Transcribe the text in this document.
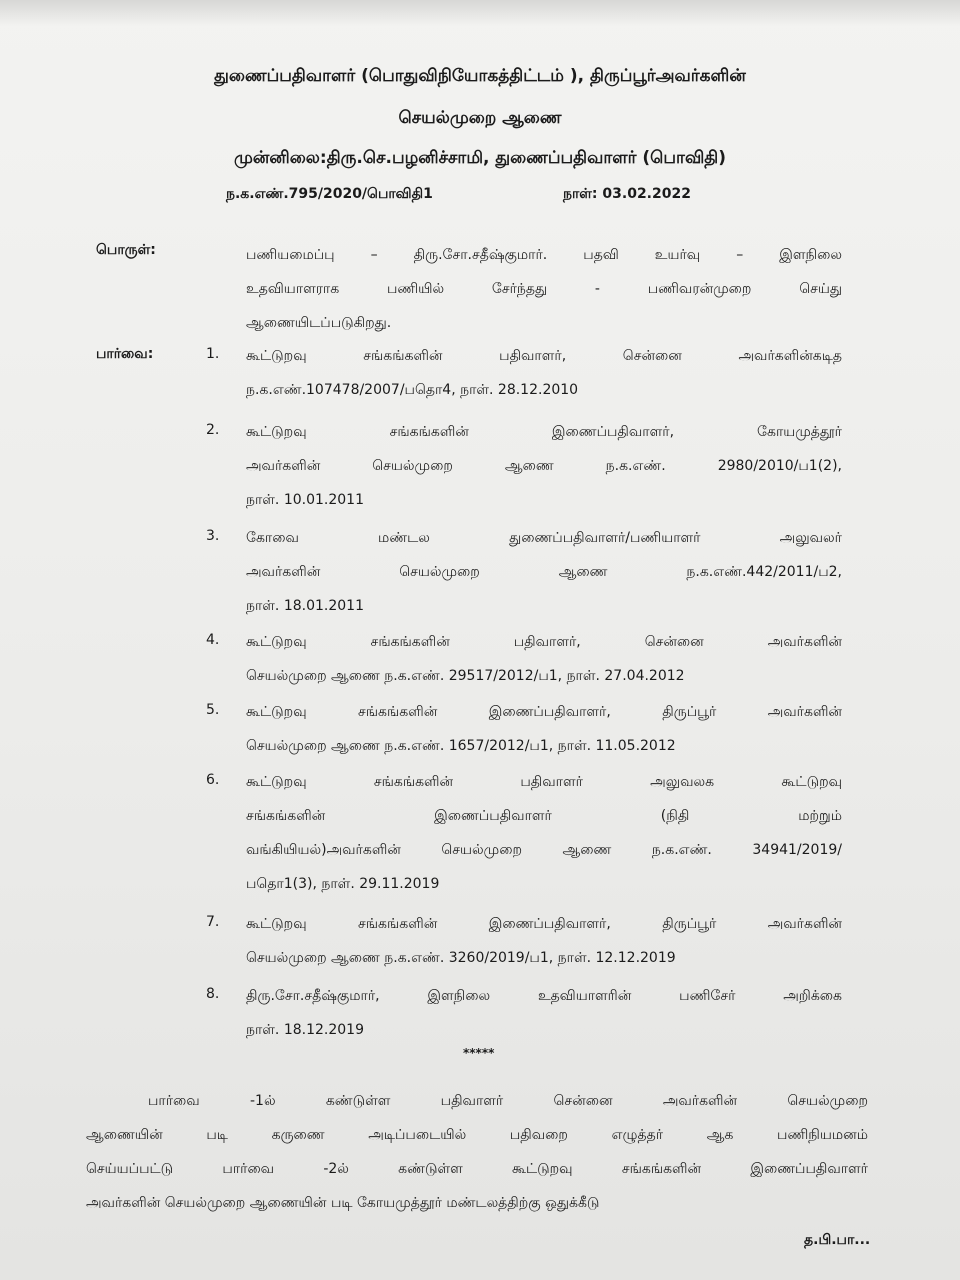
துணைப்பதிவாளர் (பொதுவிநியோகத்திட்டம் ), திருப்பூர்அவர்களின்
செயல்முறை ஆணை
முன்னிலை:திரு.செ.பழனிச்சாமி, துணைப்பதிவாளர் (பொவிதி)
ந.க.எண்.795/2020/பொவிதி1	நாள்: 03.02.2022
பொருள்:	பணியமைப்பு – திரு.சோ.சதீஷ்குமார். பதவி உயர்வு – இளநிலை
உதவியாளராக பணியில் சேர்ந்தது - பணிவரன்முறை செய்து
ஆணையிடப்படுகிறது.
பார்வை:	1. கூட்டுறவு சங்கங்களின் பதிவாளர், சென்னை அவர்களின்கடித
ந.க.எண்.107478/2007/பதொ4, நாள். 28.12.2010
2. கூட்டுறவு சங்கங்களின் இணைப்பதிவாளர், கோயமுத்தூர்
அவர்களின் செயல்முறை ஆணை ந.க.எண். 2980/2010/ப1(2),
நாள். 10.01.2011
3. கோவை மண்டல துணைப்பதிவாளர்/பணியாளர் அலுவலர்
அவர்களின் செயல்முறை ஆணை ந.க.எண்.442/2011/ப2,
நாள். 18.01.2011
4. கூட்டுறவு சங்கங்களின் பதிவாளர், சென்னை அவர்களின்
செயல்முறை ஆணை ந.க.எண். 29517/2012/ப1, நாள். 27.04.2012
5. கூட்டுறவு சங்கங்களின் இணைப்பதிவாளர், திருப்பூர் அவர்களின்
செயல்முறை ஆணை ந.க.எண். 1657/2012/ப1, நாள். 11.05.2012
6. கூட்டுறவு சங்கங்களின் பதிவாளர் அலுவலக கூட்டுறவு
சங்கங்களின் இணைப்பதிவாளர் (நிதி மற்றும்
வங்கியியல்)அவர்களின் செயல்முறை ஆணை ந.க.எண். 34941/2019/
பதொ1(3), நாள். 29.11.2019
7. கூட்டுறவு சங்கங்களின் இணைப்பதிவாளர், திருப்பூர் அவர்களின்
செயல்முறை ஆணை ந.க.எண். 3260/2019/ப1, நாள். 12.12.2019
8. திரு.சோ.சதீஷ்குமார், இளநிலை உதவியாளரின் பணிசேர் அறிக்கை
நாள். 18.12.2019
*****
பார்வை -1ல் கண்டுள்ள பதிவாளர் சென்னை அவர்களின் செயல்முறை
ஆணையின் படி கருணை அடிப்படையில் பதிவறை எழுத்தர் ஆக பணிநியமனம்
செய்யப்பட்டு பார்வை -2ல் கண்டுள்ள கூட்டுறவு சங்கங்களின் இணைப்பதிவாளர்
அவர்களின் செயல்முறை ஆணையின் படி கோயமுத்தூர் மண்டலத்திற்கு ஒதுக்கீடு
த.பி.பா...
